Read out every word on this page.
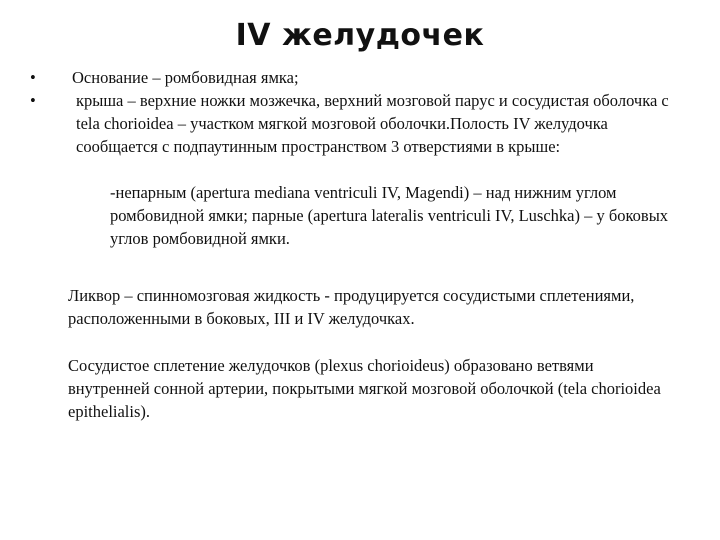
IV желудочек
• Основание – ромбовидная ямка;
• крыша – верхние ножки мозжечка, верхний мозговой парус и сосудистая оболочка с tela chorioidea – участком мягкой мозговой оболочки.Полость IV желудочка сообщается с подпаутинным пространством 3 отверстиями в крыше:
-непарным (apertura mediana ventriculi IV, Magendi) – над нижним углом ромбовидной ямки; парные (apertura lateralis ventriculi IV, Luschka) – у боковых углов ромбовидной ямки.
Ликвор – спинномозговая жидкость - продуцируется сосудистыми сплетениями, расположенными в боковых, III и IV желудочках.
Сосудистое сплетение желудочков (plexus chorioideus) образовано ветвями внутренней сонной артерии, покрытыми мягкой мозговой оболочкой (tela chorioidea epithelialis).
